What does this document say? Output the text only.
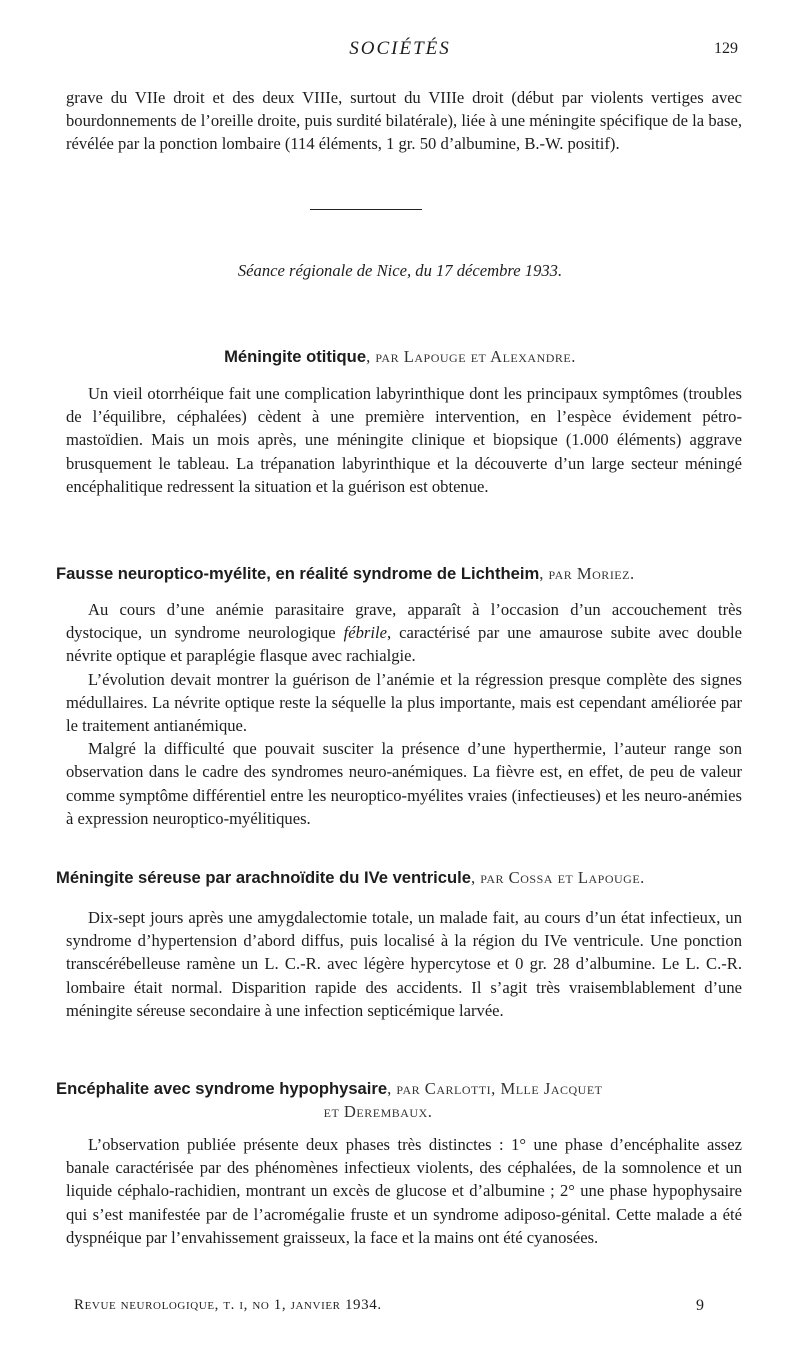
SOCIÉTÉS	129

grave du VIIe droit et des deux VIIIe, surtout du VIIIe droit (début par violents vertiges avec bourdonnements de l’oreille droite, puis surdité bilatérale), liée à une méningite spécifique de la base, révélée par la ponction lombaire (114 éléments, 1 gr. 50 d’albumine, B.-W. positif).

Séance régionale de Nice, du 17 décembre 1933.
Méningite otitique, par Lapouge et Alexandre.

Un vieil otorrhéique fait une complication labyrinthique dont les principaux symptômes (troubles de l’équilibre, céphalées) cèdent à une première intervention, en l’espèce évidement pétro-mastoïdien. Mais un mois après, une méningite clinique et biopsique (1.000 éléments) aggrave brusquement le tableau. La trépanation labyrinthique et la découverte d’un large secteur méningé encéphalitique redressent la situation et la guérison est obtenue.

Fausse neuroptico-myélite, en réalité syndrome de Lichtheim, par Moriez.

Au cours d’une anémie parasitaire grave, apparaît à l’occasion d’un accouchement très dystocique, un syndrome neurologique fébrile, caractérisé par une amaurose subite avec double névrite optique et paraplégie flasque avec rachialgie.

L’évolution devait montrer la guérison de l’anémie et la régression presque complète des signes médullaires. La névrite optique reste la séquelle la plus importante, mais est cependant améliorée par le traitement antianémique.

Malgré la difficulté que pouvait susciter la présence d’une hyperthermie, l’auteur range son observation dans le cadre des syndromes neuro-anémiques. La fièvre est, en effet, de peu de valeur comme symptôme différentiel entre les neuroptico-myélites vraies (infectieuses) et les neuro-anémies à expression neuroptico-myélitiques.

Méningite séreuse par arachnoïdite du IVe ventricule, par Cossa et Lapouge.

Dix-sept jours après une amygdalectomie totale, un malade fait, au cours d’un état infectieux, un syndrome d’hypertension d’abord diffus, puis localisé à la région du IVe ventricule. Une ponction transcérébelleuse ramène un L. C.-R. avec légère hypercytose et 0 gr. 28 d’albumine. Le L. C.-R. lombaire était normal. Disparition rapide des accidents. Il s’agit très vraisemblablement d’une méningite séreuse secondaire à une infection septicémique larvée.

Encéphalite avec syndrome hypophysaire, par Carlotti, Mlle Jacquet
et Derembaux.

L’observation publiée présente deux phases très distinctes : 1° une phase d’encéphalite assez banale caractérisée par des phénomènes infectieux violents, des céphalées, de la somnolence et un liquide céphalo-rachidien, montrant un excès de glucose et d’albumine ; 2° une phase hypophysaire qui s’est manifestée par de l’acromégalie fruste et un syndrome adiposo-génital. Cette malade a été dyspnéique par l’envahissement graisseux, la face et la mains ont été cyanosées.

Revue neurologique, t. i, no 1, janvier 1934.	9
